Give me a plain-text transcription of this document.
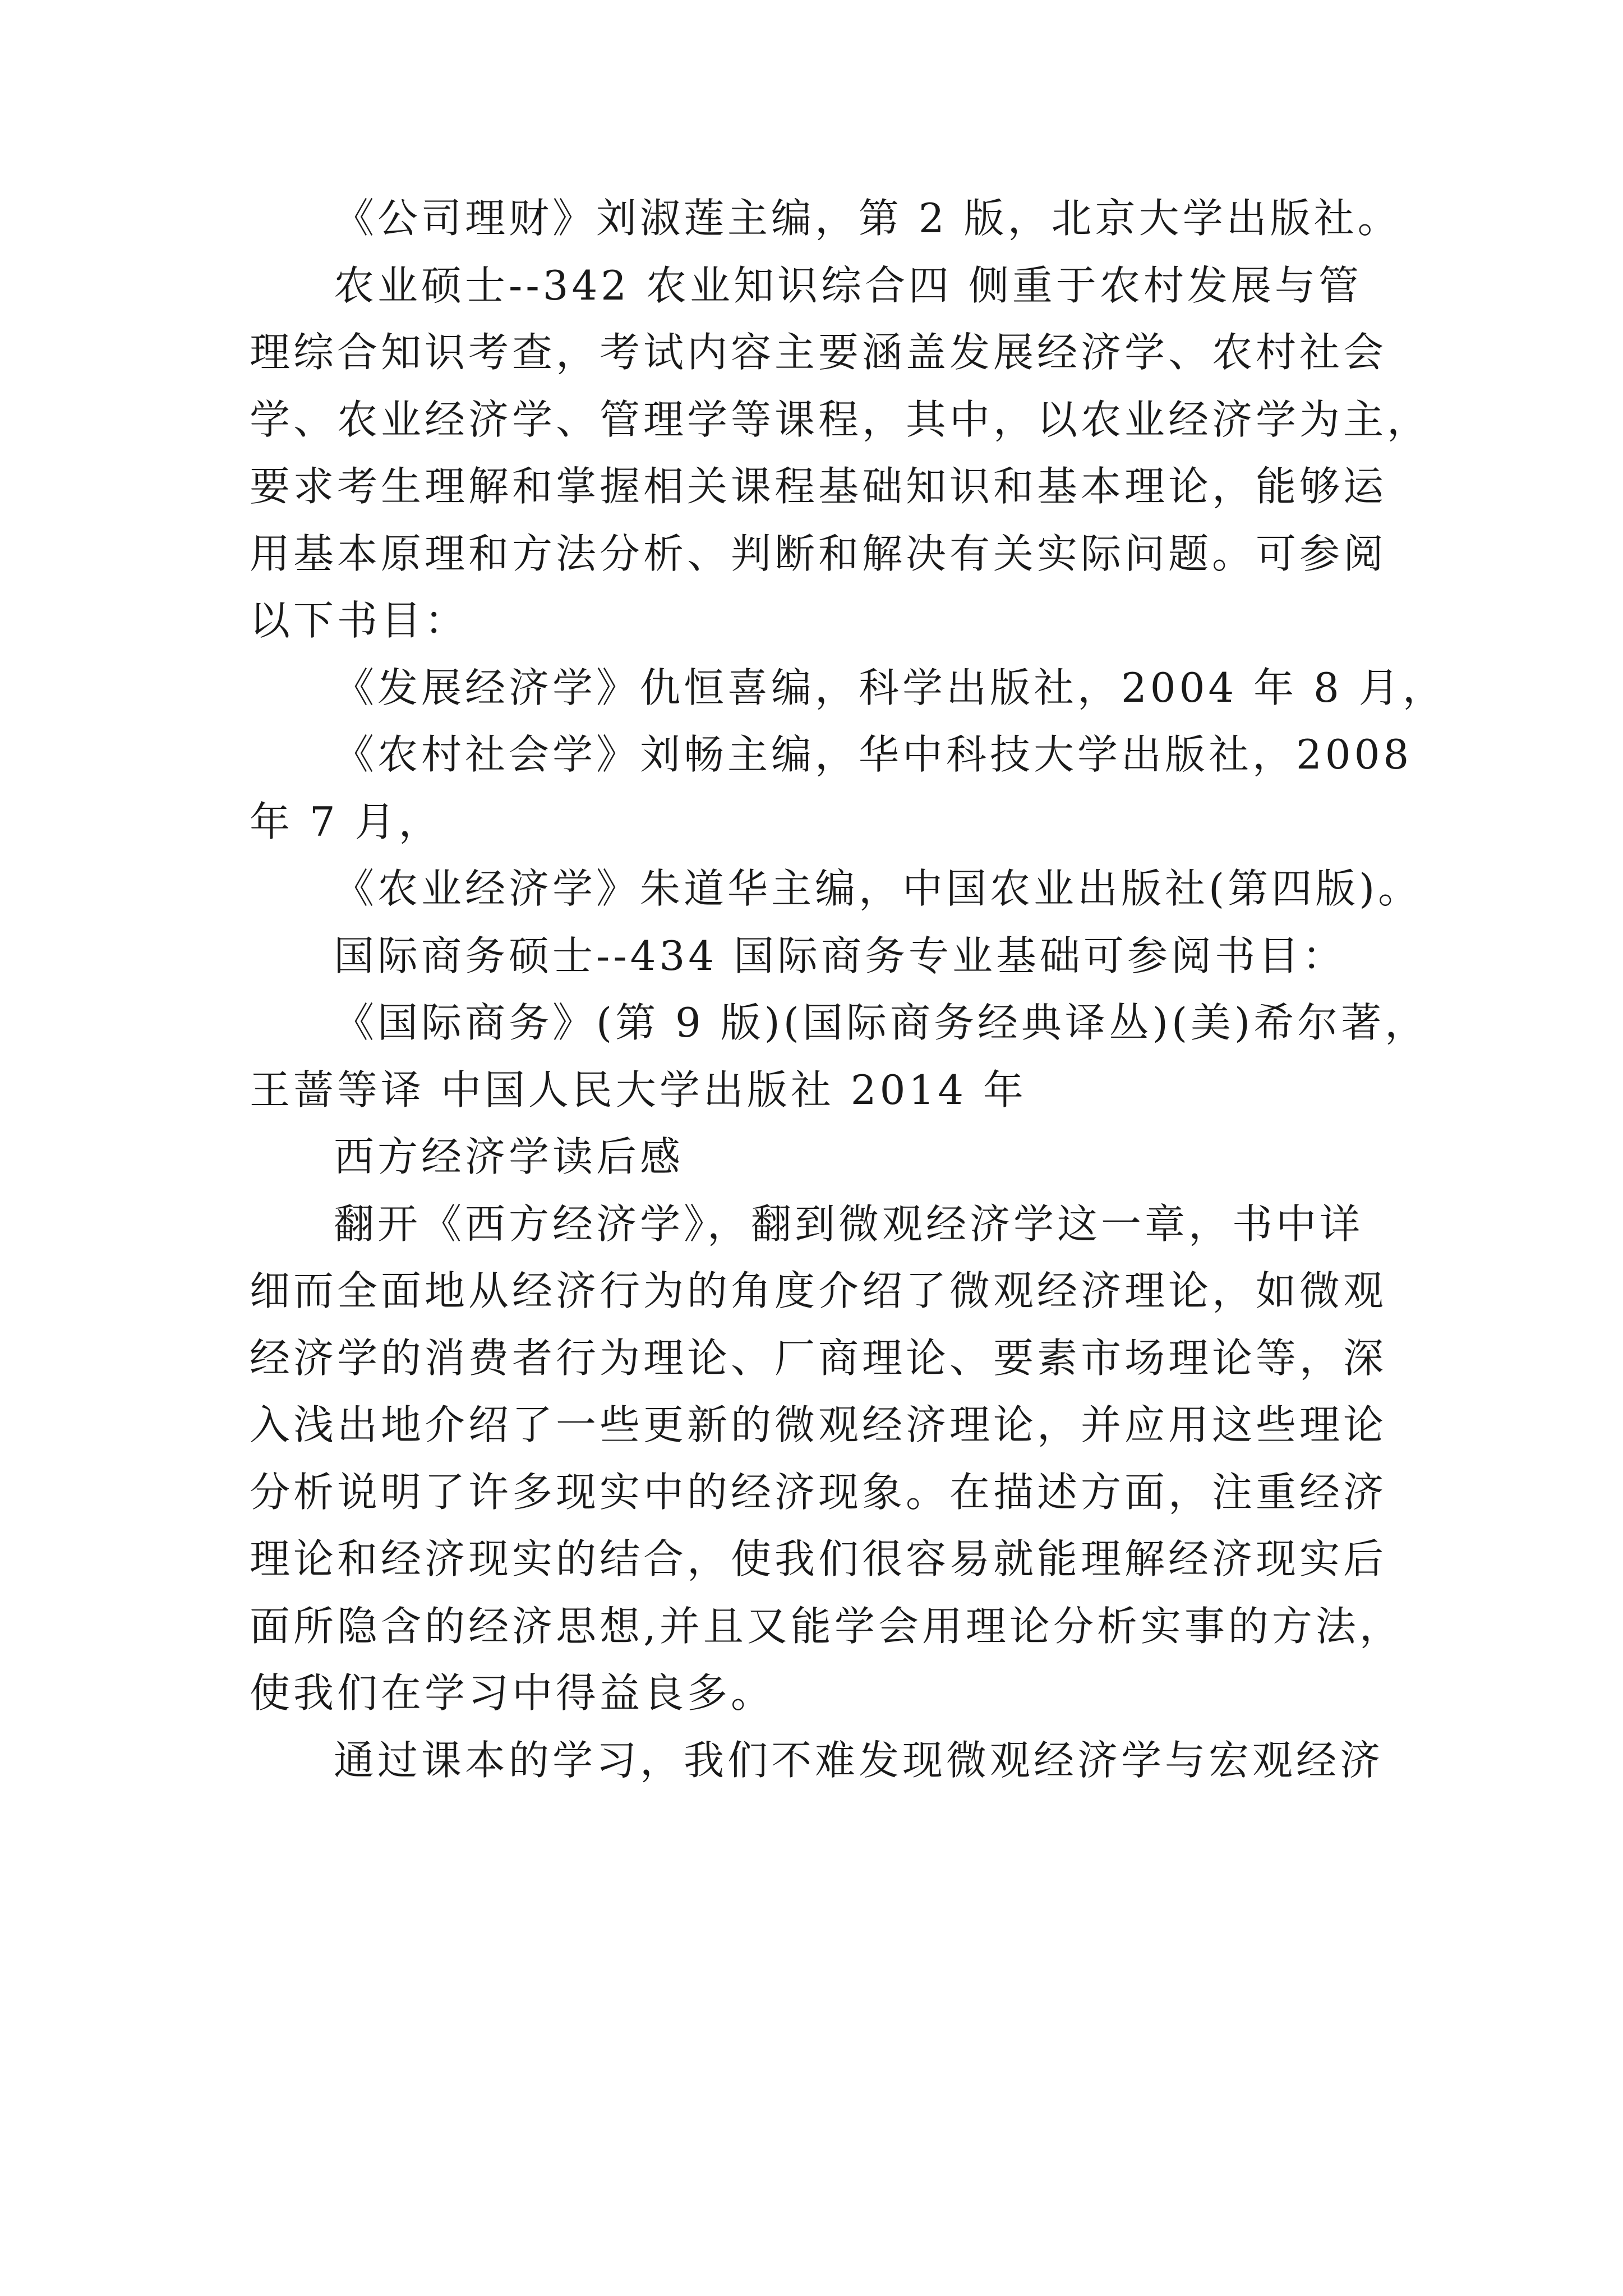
《公司理财》刘淑莲主编，第 2 版，北京大学出版社。
农业硕士--342 农业知识综合四 侧重于农村发展与管
理综合知识考查，考试内容主要涵盖发展经济学、农村社会
学、农业经济学、管理学等课程，其中，以农业经济学为主，
要求考生理解和掌握相关课程基础知识和基本理论，能够运
用基本原理和方法分析、判断和解决有关实际问题。可参阅
以下书目：
《发展经济学》仇恒喜编，科学出版社，2004 年 8 月，
《农村社会学》刘畅主编，华中科技大学出版社，2008
年 7 月，
《农业经济学》朱道华主编，中国农业出版社(第四版)。
国际商务硕士--434 国际商务专业基础可参阅书目：
《国际商务》(第 9 版)(国际商务经典译丛)(美)希尔著，
王蔷等译 中国人民大学出版社 2014 年
西方经济学读后感
翻开《西方经济学》，翻到微观经济学这一章，书中详
细而全面地从经济行为的角度介绍了微观经济理论，如微观
经济学的消费者行为理论、厂商理论、要素市场理论等，深
入浅出地介绍了一些更新的微观经济理论，并应用这些理论
分析说明了许多现实中的经济现象。在描述方面，注重经济
理论和经济现实的结合，使我们很容易就能理解经济现实后
面所隐含的经济思想,并且又能学会用理论分析实事的方法，
使我们在学习中得益良多。
通过课本的学习，我们不难发现微观经济学与宏观经济
